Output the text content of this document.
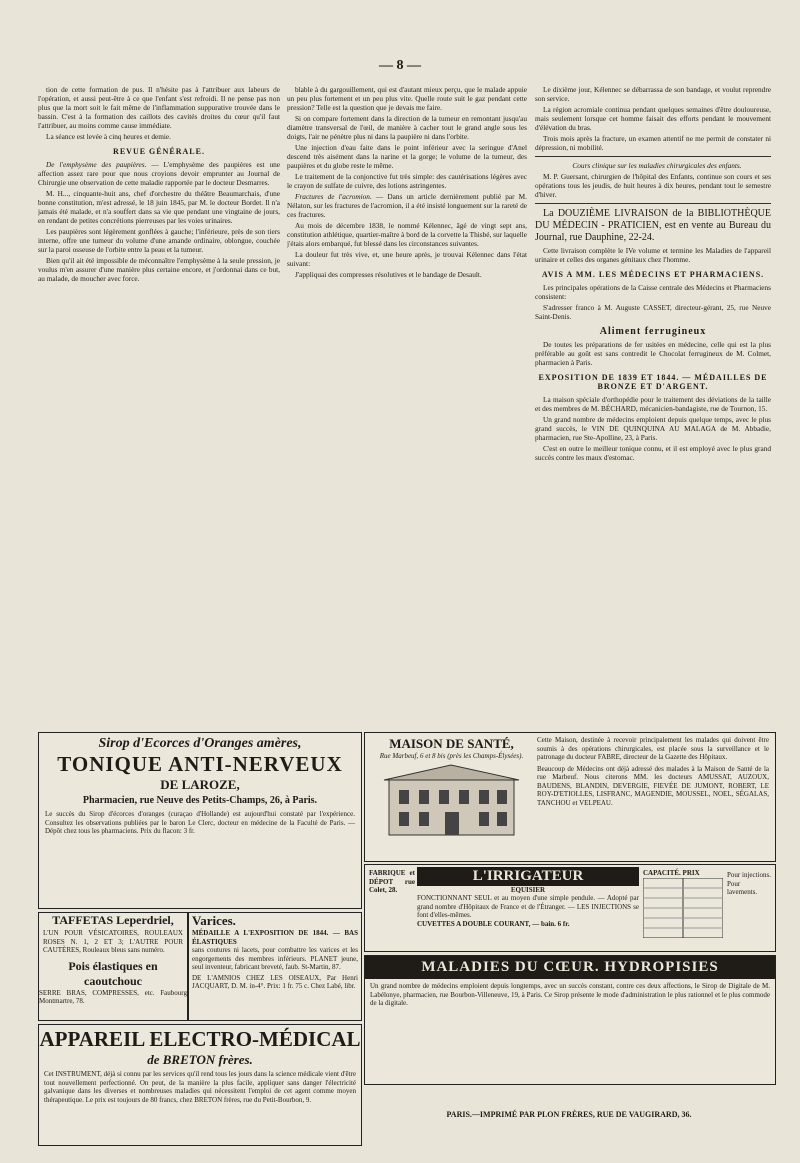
— 8 —

tion de cette formation de pus. Il n'hésite pas à l'attribuer aux labeurs de l'opération, et aussi peut-être à ce que l'enfant s'est refroidi. Il ne pense pas non plus que la mort soit le fait même de l'inflammation suppurative trouvée dans le bassin. C'est à la formation des caillots des cavités droites du cœur qu'il faut l'attribuer, au moins comme cause immédiate.

La séance est levée à cinq heures et demie.

REVUE GÉNÉRALE.

De l'emphysème des paupières. — L'emphysème des paupières est une affection assez rare pour que nous croyions devoir emprunter au Journal de Chirurgie une observation de cette maladie rapportée par le docteur Desmarres.

M. H..., cinquante-huit ans, chef d'orchestre du théâtre Beaumarchais, d'une bonne constitution, m'est adressé, le 18 juin 1845, par M. le docteur Bordet. Il n'a jamais été malade, et n'a souffert dans sa vie que pendant une vingtaine de jours, en rendant de petites concrétions pierreuses par les voies urinaires.

Les paupières sont légèrement gonflées à gauche; l'inférieure, près de son tiers interne, offre une tumeur du volume d'une amande ordinaire, oblongue, couchée sur la paroi osseuse de l'orbite entre la peau et la tumeur.

Bien qu'il ait été impossible de méconnaître l'emphysème à la seule pression, je voulus m'en assurer d'une manière plus certaine encore, et j'ordonnai dans ce but, au malade, de moucher avec force.

blable à du gargouillement, qui est d'autant mieux perçu, que le malade appuie un peu plus fortement et un peu plus vite. Quelle route suit le gaz pendant cette pression? Telle est la question que je devais me faire.

Si on compare fortement dans la direction de la tumeur en remontant jusqu'au diamètre transversal de l'œil, de manière à cacher tout le grand angle sous les doigts, l'air ne pénètre plus ni dans la paupière ni dans l'orbite.

Une injection d'eau faite dans le point inférieur avec la seringue d'Anel descend très aisément dans la narine et la gorge; le volume de la tumeur, des paupières et du globe reste le même.

Le traitement de la conjonctive fut très simple: des cautérisations légères avec le crayon de sulfate de cuivre, des lotions astringentes.

Fractures de l'acromion. — Dans un article dernièrement publié par M. Nélaton, sur les fractures de l'acromion, il a été insisté longuement sur la rareté de ces fractures.

Au mois de décembre 1838, le nommé Kélennec, âgé de vingt sept ans, constitution athlétique, quartier-maître à bord de la corvette la Thisbé, sur laquelle j'étais alors embarqué, fut blessé dans les circonstances suivantes.

La douleur fut très vive, et, une heure après, je trouvai Kélennec dans l'état suivant:

J'appliquai des compresses résolutives et le bandage de Desault.

Le dixième jour, Kélennec se débarrassa de son bandage, et voulut reprendre son service.

La région acromiale continua pendant quelques semaines d'être douloureuse, mais seulement lorsque cet homme faisait des efforts pendant le mouvement d'élévation du bras.

Trois mois après la fracture, un examen attentif ne me permit de constater ni dépression, ni mobilité.

Cours clinique sur les maladies chirurgicales des enfants.

M. P. Guersant, chirurgien de l'hôpital des Enfants, continue son cours et ses opérations tous les jeudis, de huit heures à dix heures, pendant tout le semestre d'hiver.

La DOUZIÈME LIVRAISON de la BIBLIOTHÈQUE DU MÉDECIN - PRATICIEN, est en vente au Bureau du Journal, rue Dauphine, 22-24.

Cette livraison complète le IVe volume et termine les Maladies de l'appareil urinaire et celles des organes génitaux chez l'homme.

AVIS A MM. LES MÉDECINS ET PHARMACIENS.

Les principales opérations de la Caisse centrale des Médecins et Pharmaciens consistent:

S'adresser franco à M. Auguste CASSET, directeur-gérant, 25, rue Neuve Saint-Denis.

Aliment ferrugineux

De toutes les préparations de fer usitées en médecine, celle qui est la plus préférable au goût est sans contredit le Chocolat ferrugineux de M. Colmet, pharmacien à Paris.

EXPOSITION DE 1839 ET 1844. — MÉDAILLES DE BRONZE ET D'ARGENT.

La maison spéciale d'orthopédie pour le traitement des déviations de la taille et des membres de M. BÉCHARD, mécanicien-bandagiste, rue de Tournon, 15.

Un grand nombre de médecins emploient depuis quelque temps, avec le plus grand succès, le VIN DE QUINQUINA AU MALAGA de M. Abbadie, pharmacien, rue Ste-Apolline, 23, à Paris.

C'est en outre le meilleur tonique connu, et il est employé avec le plus grand succès contre les maux d'estomac.

Sirop d'Ecorces d'Oranges amères,
TONIQUE ANTI-NERVEUX
DE LAROZE,
Pharmacien, rue Neuve des Petits-Champs, 26, à Paris.
Le succès du Sirop d'écorces d'oranges (curaçao d'Hollande) est aujourd'hui constaté par l'expérience. Consultez les observations publiées par le baron Le Clerc, docteur en médecine de la Faculté de Paris. — Dépôt chez tous les pharmaciens. Prix du flacon: 3 fr.
TAFFETAS Leperdriel,
L'UN POUR VÉSICATOIRES, ROULEAUX ROSES N. 1, 2 ET 3; L'AUTRE POUR CAUTÈRES, Rouleaux bleus sans numéro.
Pois élastiques en caoutchouc
SERRE BRAS, COMPRESSES, etc. Faubourg Montmartre, 78.
Varices.
MÉDAILLE A L'EXPOSITION DE 1844. — BAS ÉLASTIQUES
sans coutures ni lacets, pour combattre les varices et les engorgements des membres inférieurs. PLANET jeune, seul inventeur, fabricant breveté, faub. St-Martin, 87.
DE L'AMNIOS CHEZ LES OISEAUX, Par Henri JACQUART, D. M. in-4°. Prix: 1 fr. 75 c. Chez Labé, libr.
MAISON DE SANTÉ,
Rue Marbeuf, 6 et 8 bis (près les Champs-Élysées).
Cette Maison, destinée à recevoir principalement les malades qui doivent être soumis à des opérations chirurgicales, est placée sous la surveillance et le patronage du docteur FABRE, directeur de la Gazette des Hôpitaux.
Beaucoup de Médecins ont déjà adressé des malades à la Maison de Santé de la rue Marbeuf. Nous citerons MM. les docteurs AMUSSAT, AUZOUX, BAUDENS, BLANDIN, DEVERGIE, FIEVÉE DE JUMONT, ROBERT, LE ROY-D'ETIOLLES, LISFRANC, MAGENDIE, MOUSSEL, NOEL, SÉGALAS, TANCHOU et VELPEAU.
FABRIQUE et DÉPOT rue Colet, 28.
L'IRRIGATEUR
EQUISIER
FONCTIONNANT SEUL et au moyen d'une simple pendule. — Adopté par grand nombre d'Hôpitaux de France et de l'Étranger. — LES INJECTIONS se font d'elles-mêmes.
CUVETTES A DOUBLE COURANT, — bain. 6 fr.
CAPACITÉ. PRIX	Pour injections. Pour lavements.
APPAREIL ELECTRO-MÉDICAL
de BRETON frères.
Cet INSTRUMENT, déjà si connu par les services qu'il rend tous les jours dans la science médicale vient d'être tout nouvellement perfectionné. On peut, de la manière la plus facile, appliquer sans danger l'électricité galvanique dans les diverses et nombreuses maladies qui nécessitent l'emploi de cet agent comme moyen thérapeutique. Le prix est toujours de 80 francs, chez BRETON frères, rue du Petit-Bourbon, 9.
MALADIES DU CŒUR. HYDROPISIES
Un grand nombre de médecins emploient depuis longtemps, avec un succès constant, contre ces deux affections, le Sirop de Digitale de M. Labélonye, pharmacien, rue Bourbon-Villeneuve, 19, à Paris. Ce Sirop présente le mode d'administration le plus rationnel et le plus commode de la digitale.
PARIS.—IMPRIMÉ PAR PLON FRÈRES, RUE DE VAUGIRARD, 36.
